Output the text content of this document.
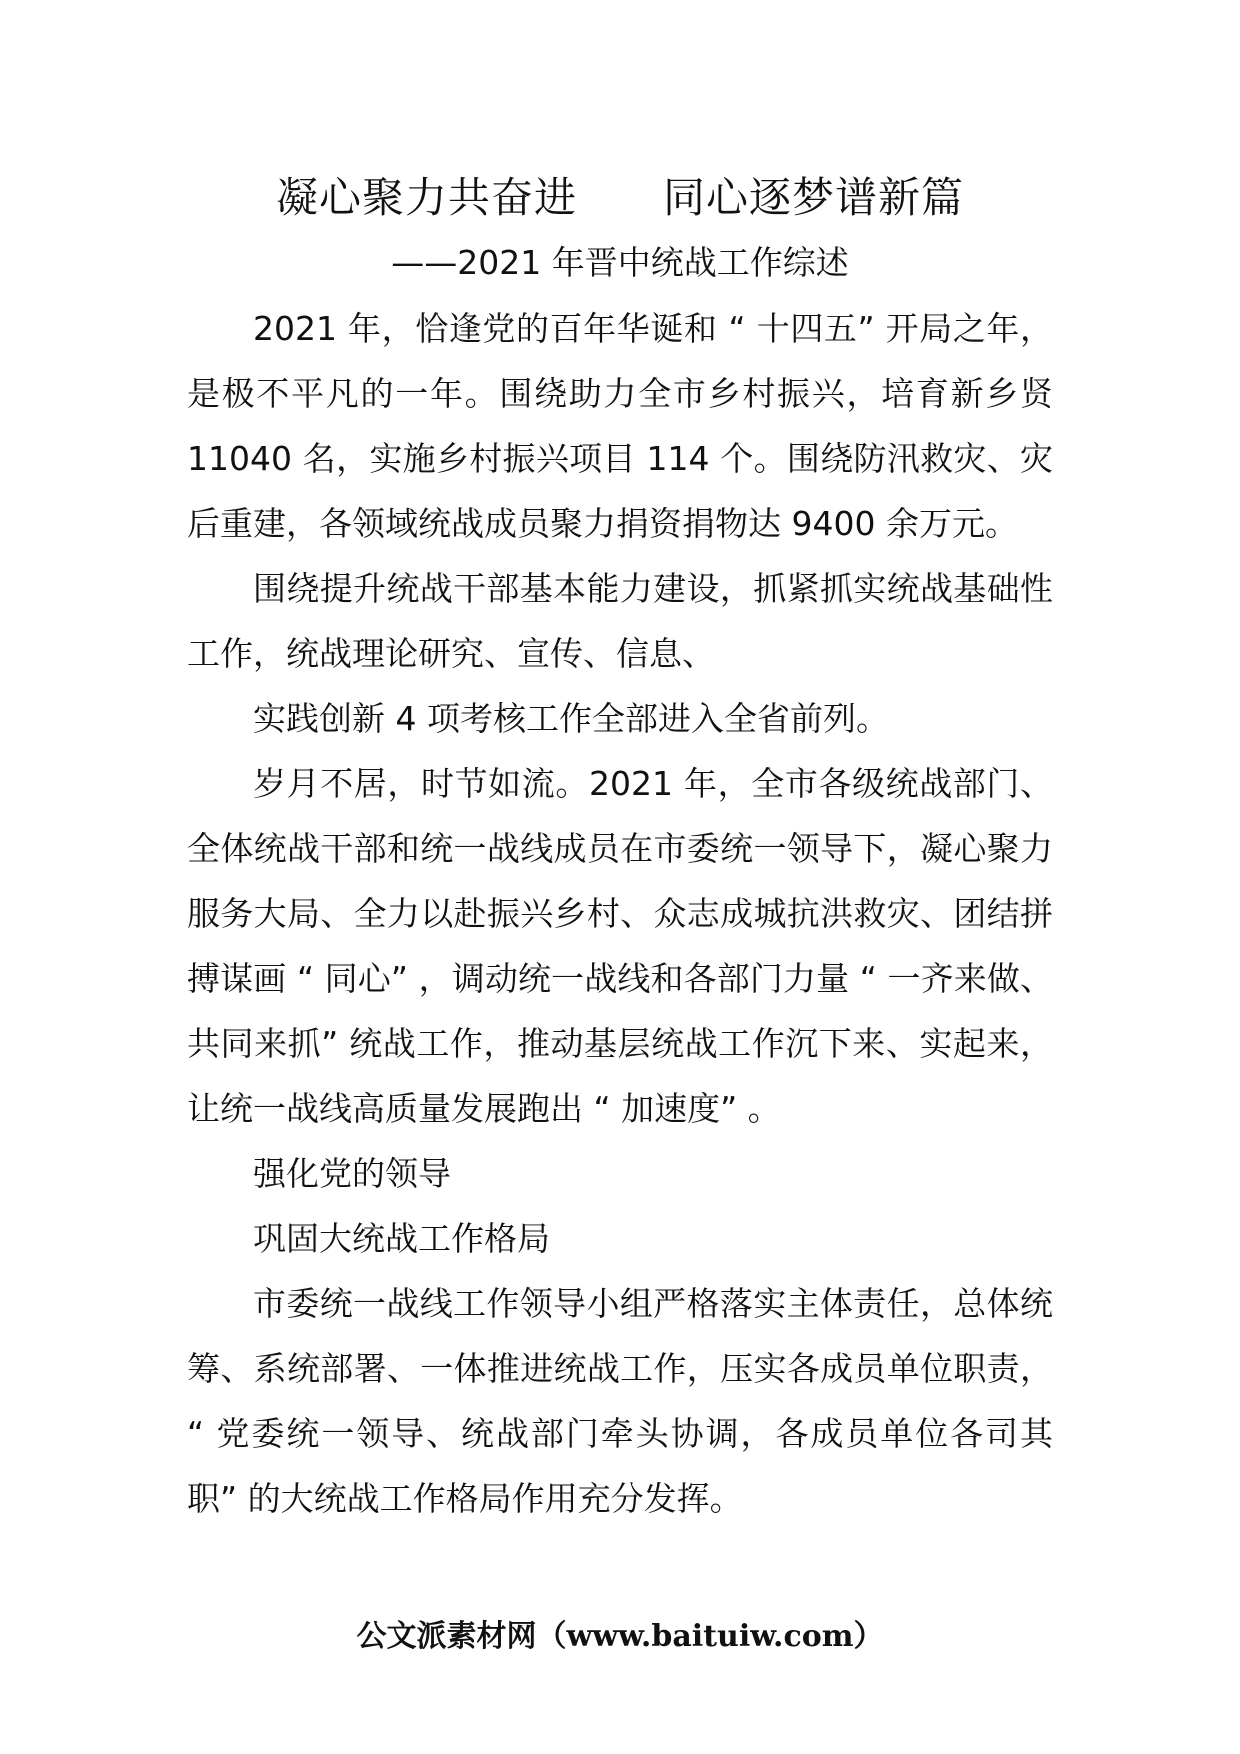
凝心聚力共奋进　　同心逐梦谱新篇
——2021 年晋中统战工作综述

2021 年，恰逢党的百年华诞和 “ 十四五” 开局之年，是极不平凡的一年。围绕助力全市乡村振兴，培育新乡贤 11040 名，实施乡村振兴项目 114 个。围绕防汛救灾、灾后重建，各领域统战成员聚力捐资捐物达 9400 余万元。

围绕提升统战干部基本能力建设，抓紧抓实统战基础性工作，统战理论研究、宣传、信息、

实践创新 4 项考核工作全部进入全省前列。

岁月不居，时节如流。2021 年，全市各级统战部门、全体统战干部和统一战线成员在市委统一领导下，凝心聚力服务大局、全力以赴振兴乡村、众志成城抗洪救灾、团结拼搏谋画 “ 同心” ，调动统一战线和各部门力量 “ 一齐来做、共同来抓” 统战工作，推动基层统战工作沉下来、实起来，让统一战线高质量发展跑出 “ 加速度” 。

强化党的领导

巩固大统战工作格局

市委统一战线工作领导小组严格落实主体责任，总体统筹、系统部署、一体推进统战工作，压实各成员单位职责， “ 党委统一领导、统战部门牵头协调，各成员单位各司其职” 的大统战工作格局作用充分发挥。

公文派素材网（www.baituiw.com）
